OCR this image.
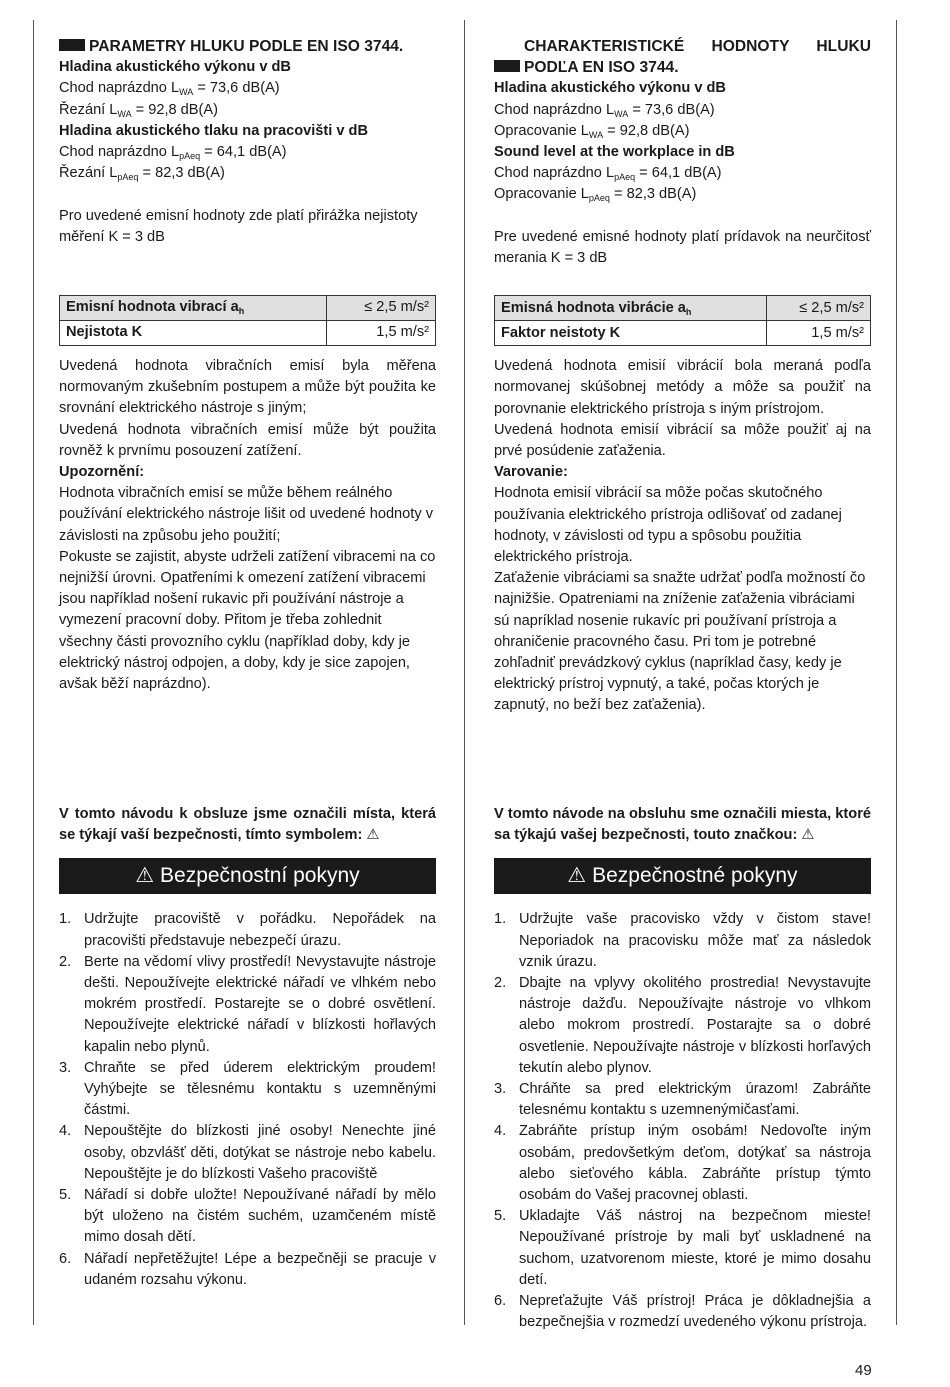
PARAMETRY HLUKU PODLE EN ISO 3744.

Hladina akustického výkonu v dB

Chod naprázdno $L_{WA} = 73,6$ dB(A)

Řezání $L_{WA} = 92,8$ dB(A)

Hladina akustického tlaku na pracovišti v dB

Chod naprázdno $L_{pAeq} = 64,1$ dB(A)

Řezání $L_{pAeq} = 82,3$ dB(A)

Pro uvedené emisní hodnoty zde platí přirážka nejistoty měření K = 3 dB

Emisní hodnota vibrací $a_h$	≤ 2,5 m/s²
Nejistota K	1,5 m/s²

Uvedená hodnota vibračních emisí byla měřena normovaným zkušebním postupem a může být použita ke srovnání elektrického nástroje s jiným;

Uvedená hodnota vibračních emisí může být použita rovněž k prvnímu posouzení zatížení.

Upozornění:

Hodnota vibračních emisí se může během reálného používání elektrického nástroje lišit od uvedené hodnoty v závislosti na způsobu jeho použití;

Pokuste se zajistit, abyste udrželi zatížení vibracemi na co nejnižší úrovni. Opatřeními k omezení zatížení vibracemi jsou například nošení rukavic při používání nástroje a vymezení pracovní doby. Přitom je třeba zohlednit všechny části provozního cyklu (například doby, kdy je elektrický nástroj odpojen, a doby, kdy je sice zapojen, avšak běží naprázdno).

V tomto návodu k obsluze jsme označili místa, která se týkají vaší bezpečnosti, tímto symbolem: ⚠

⚠ Bezpečnostní pokyny

1. Udržujte pracoviště v pořádku. Nepořádek na pracovišti představuje nebezpečí úrazu.
2. Berte na vědomí vlivy prostředí! Nevystavujte nástroje dešti. Nepoužívejte elektrické nářadí ve vlhkém nebo mokrém prostředí. Postarejte se o dobré osvětlení. Nepoužívejte elektrické nářadí v blízkosti hořlavých kapalin nebo plynů.
3. Chraňte se před úderem elektrickým proudem! Vyhýbejte se tělesnému kontaktu s uzemněnými částmi.
4. Nepouštějte do blízkosti jiné osoby! Nenechte jiné osoby, obzvlášť děti, dotýkat se nástroje nebo kabelu. Nepouštějte je do blízkosti Vašeho pracoviště
5. Nářadí si dobře uložte! Nepoužívané nářadí by mělo být uloženo na čistém suchém, uzamčeném místě mimo dosah dětí.
6. Nářadí nepřetěžujte! Lépe a bezpečněji se pracuje v udaném rozsahu výkonu.

CHARAKTERISTICKÉ HODNOTY HLUKU

PODĽA EN ISO 3744.

Hladina akustického výkonu v dB

Chod naprázdno $L_{WA} = 73,6$ dB(A)

Opracovanie $L_{WA} = 92,8$ dB(A)

Sound level at the workplace in dB

Chod naprázdno $L_{pAeq} = 64,1$ dB(A)

Opracovanie $L_{pAeq} = 82,3$ dB(A)

Pre uvedené emisné hodnoty platí prídavok na neurčitosť merania K = 3 dB

Emisná hodnota vibrácie $a_h$	≤ 2,5 m/s²
Faktor neistoty K	1,5 m/s²

Uvedená hodnota emisií vibrácií bola meraná podľa normovanej skúšobnej metódy a môže sa použiť na porovnanie elektrického prístroja s iným prístrojom.

Uvedená hodnota emisií vibrácií sa môže použiť aj na prvé posúdenie zaťaženia.

Varovanie:

Hodnota emisií vibrácií sa môže počas skutočného používania elektrického prístroja odlišovať od zadanej hodnoty, v závislosti od typu a spôsobu použitia elektrického prístroja.

Zaťaženie vibráciami sa snažte udržať podľa možností čo najnižšie. Opatreniami na zníženie zaťaženia vibráciami sú napríklad nosenie rukavíc pri používaní prístroja a ohraničenie pracovného času. Pri tom je potrebné zohľadniť prevádzkový cyklus (napríklad časy, kedy je elektrický prístroj vypnutý, a také, počas ktorých je zapnutý, no beží bez zaťaženia).

V tomto návode na obsluhu sme označili miesta, ktoré sa týkajú vašej bezpečnosti, touto značkou: ⚠

⚠ Bezpečnostné pokyny

1. Udržujte vaše pracovisko vždy v čistom stave! Neporiadok na pracovisku môže mať za následok vznik úrazu.
2. Dbajte na vplyvy okolitého prostredia! Nevystavujte nástroje dažďu. Nepoužívajte nástroje vo vlhkom alebo mokrom prostredí. Postarajte sa o dobré osvetlenie. Nepoužívajte nástroje v blízkosti horľavých tekutín alebo plynov.
3. Chráňte sa pred elektrickým úrazom! Zabráňte telesnému kontaktu s uzemnenýmičasťami.
4. Zabráňte prístup iným osobám! Nedovoľte iným osobám, predovšetkým deťom, dotýkať sa nástroja alebo sieťového kábla. Zabráňte prístup týmto osobám do Vašej pracovnej oblasti.
5. Ukladajte Váš nástroj na bezpečnom mieste! Nepoužívané prístroje by mali byť uskladnené na suchom, uzatvorenom mieste, ktoré je mimo dosahu detí.
6. Nepreťažujte Váš prístroj! Práca je dôkladnejšia a bezpečnejšia v rozmedzí uvedeného výkonu prístroja.
49
